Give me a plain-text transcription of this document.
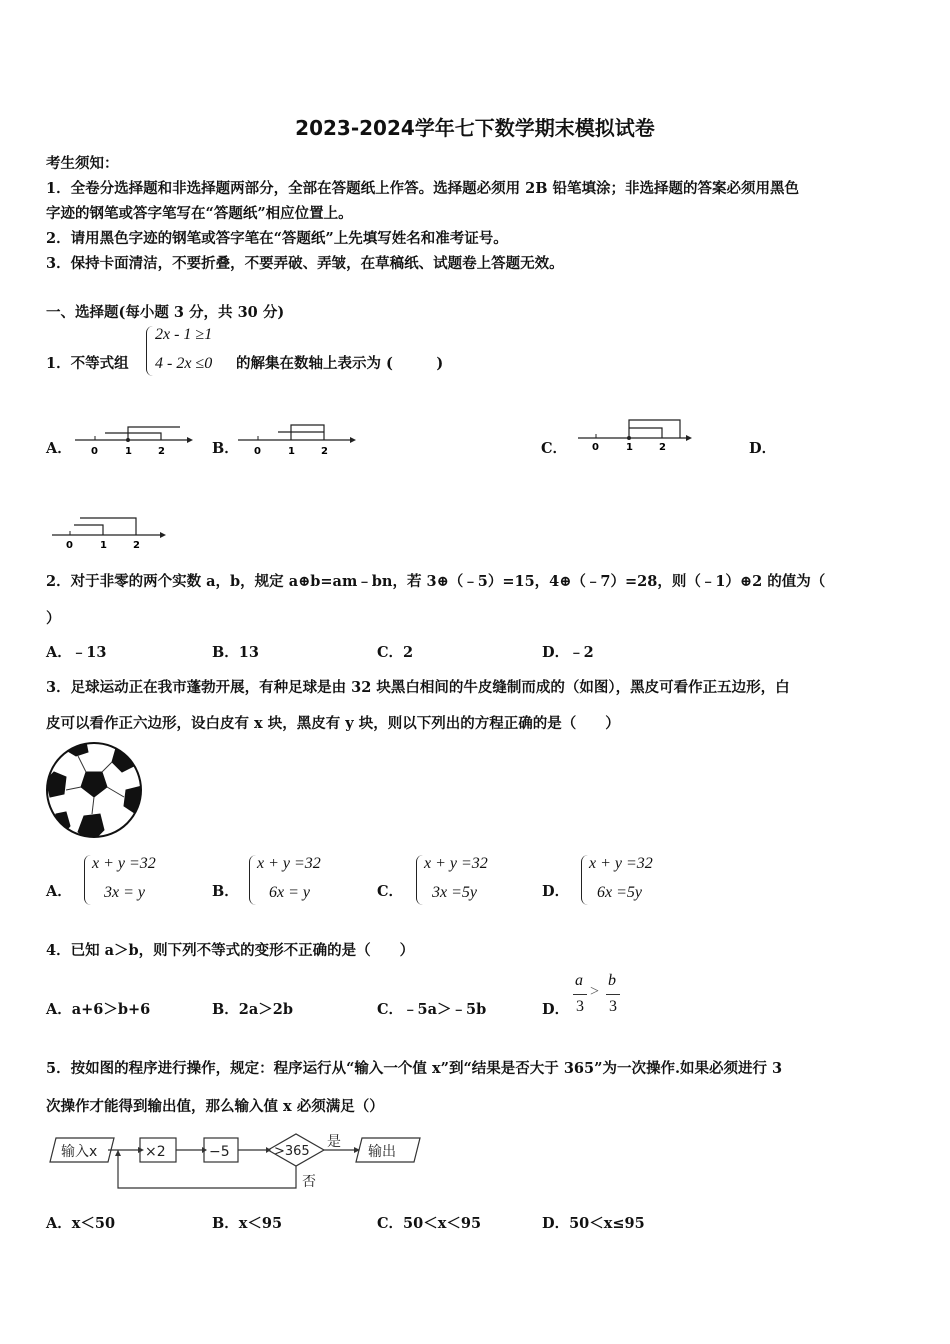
2023-2024学年七下数学期末模拟试卷
考生须知：
1．全卷分选择题和非选择题两部分，全部在答题纸上作答。选择题必须用 2B 铅笔填涂；非选择题的答案必须用黑色
字迹的钢笔或答字笔写在“答题纸”相应位置上。
2．请用黑色字迹的钢笔或答字笔在“答题纸”上先填写姓名和准考证号。
3．保持卡面清洁，不要折叠，不要弄破、弄皱，在草稿纸、试题卷上答题无效。
一、选择题(每小题 3 分，共 30 分)
1．不等式组
2x - 1 ≥1
4 - 2x ≤0 的解集在数轴上表示为 (　　　)
A． 0	1	2	B． 0	1	2	C． 0	1	2	D．
0	1	2
2．对于非零的两个实数 a，b，规定 a⊕b=am﹣bn，若 3⊕（﹣5）=15，4⊕（﹣7）=28，则（﹣1）⊕2 的值为（
）
A．﹣13	B．13	C．2	D．﹣2
3．足球运动正在我市蓬勃开展，有种足球是由 32 块黑白相间的牛皮缝制而成的（如图），黑皮可看作正五边形，白
皮可以看作正六边形，设白皮有 x 块，黑皮有 y 块，则以下列出的方程正确的是（　　）
A．
x + y =32
3x = y	B．
x + y =32
6x = y	C．
x + y =32
3x =5y	D．
x + y =32
6x =5y
4．已知 a＞b，则下列不等式的变形不正确的是（　　）
A．a+6＞b+6	B．2a＞2b	C．﹣5a＞﹣5b	D．
a
3
>
b
3
5．按如图的程序进行操作，规定：程序运行从“输入一个值 x”到“结果是否大于 365”为一次操作.如果必须进行 3
次操作才能得到输出值，那么输入值 x 必须满足（）
输入x	×2	−5	>365
是
否
输出
A．x＜50	B．x＜95	C．50＜x＜95	D．50＜x≤95
